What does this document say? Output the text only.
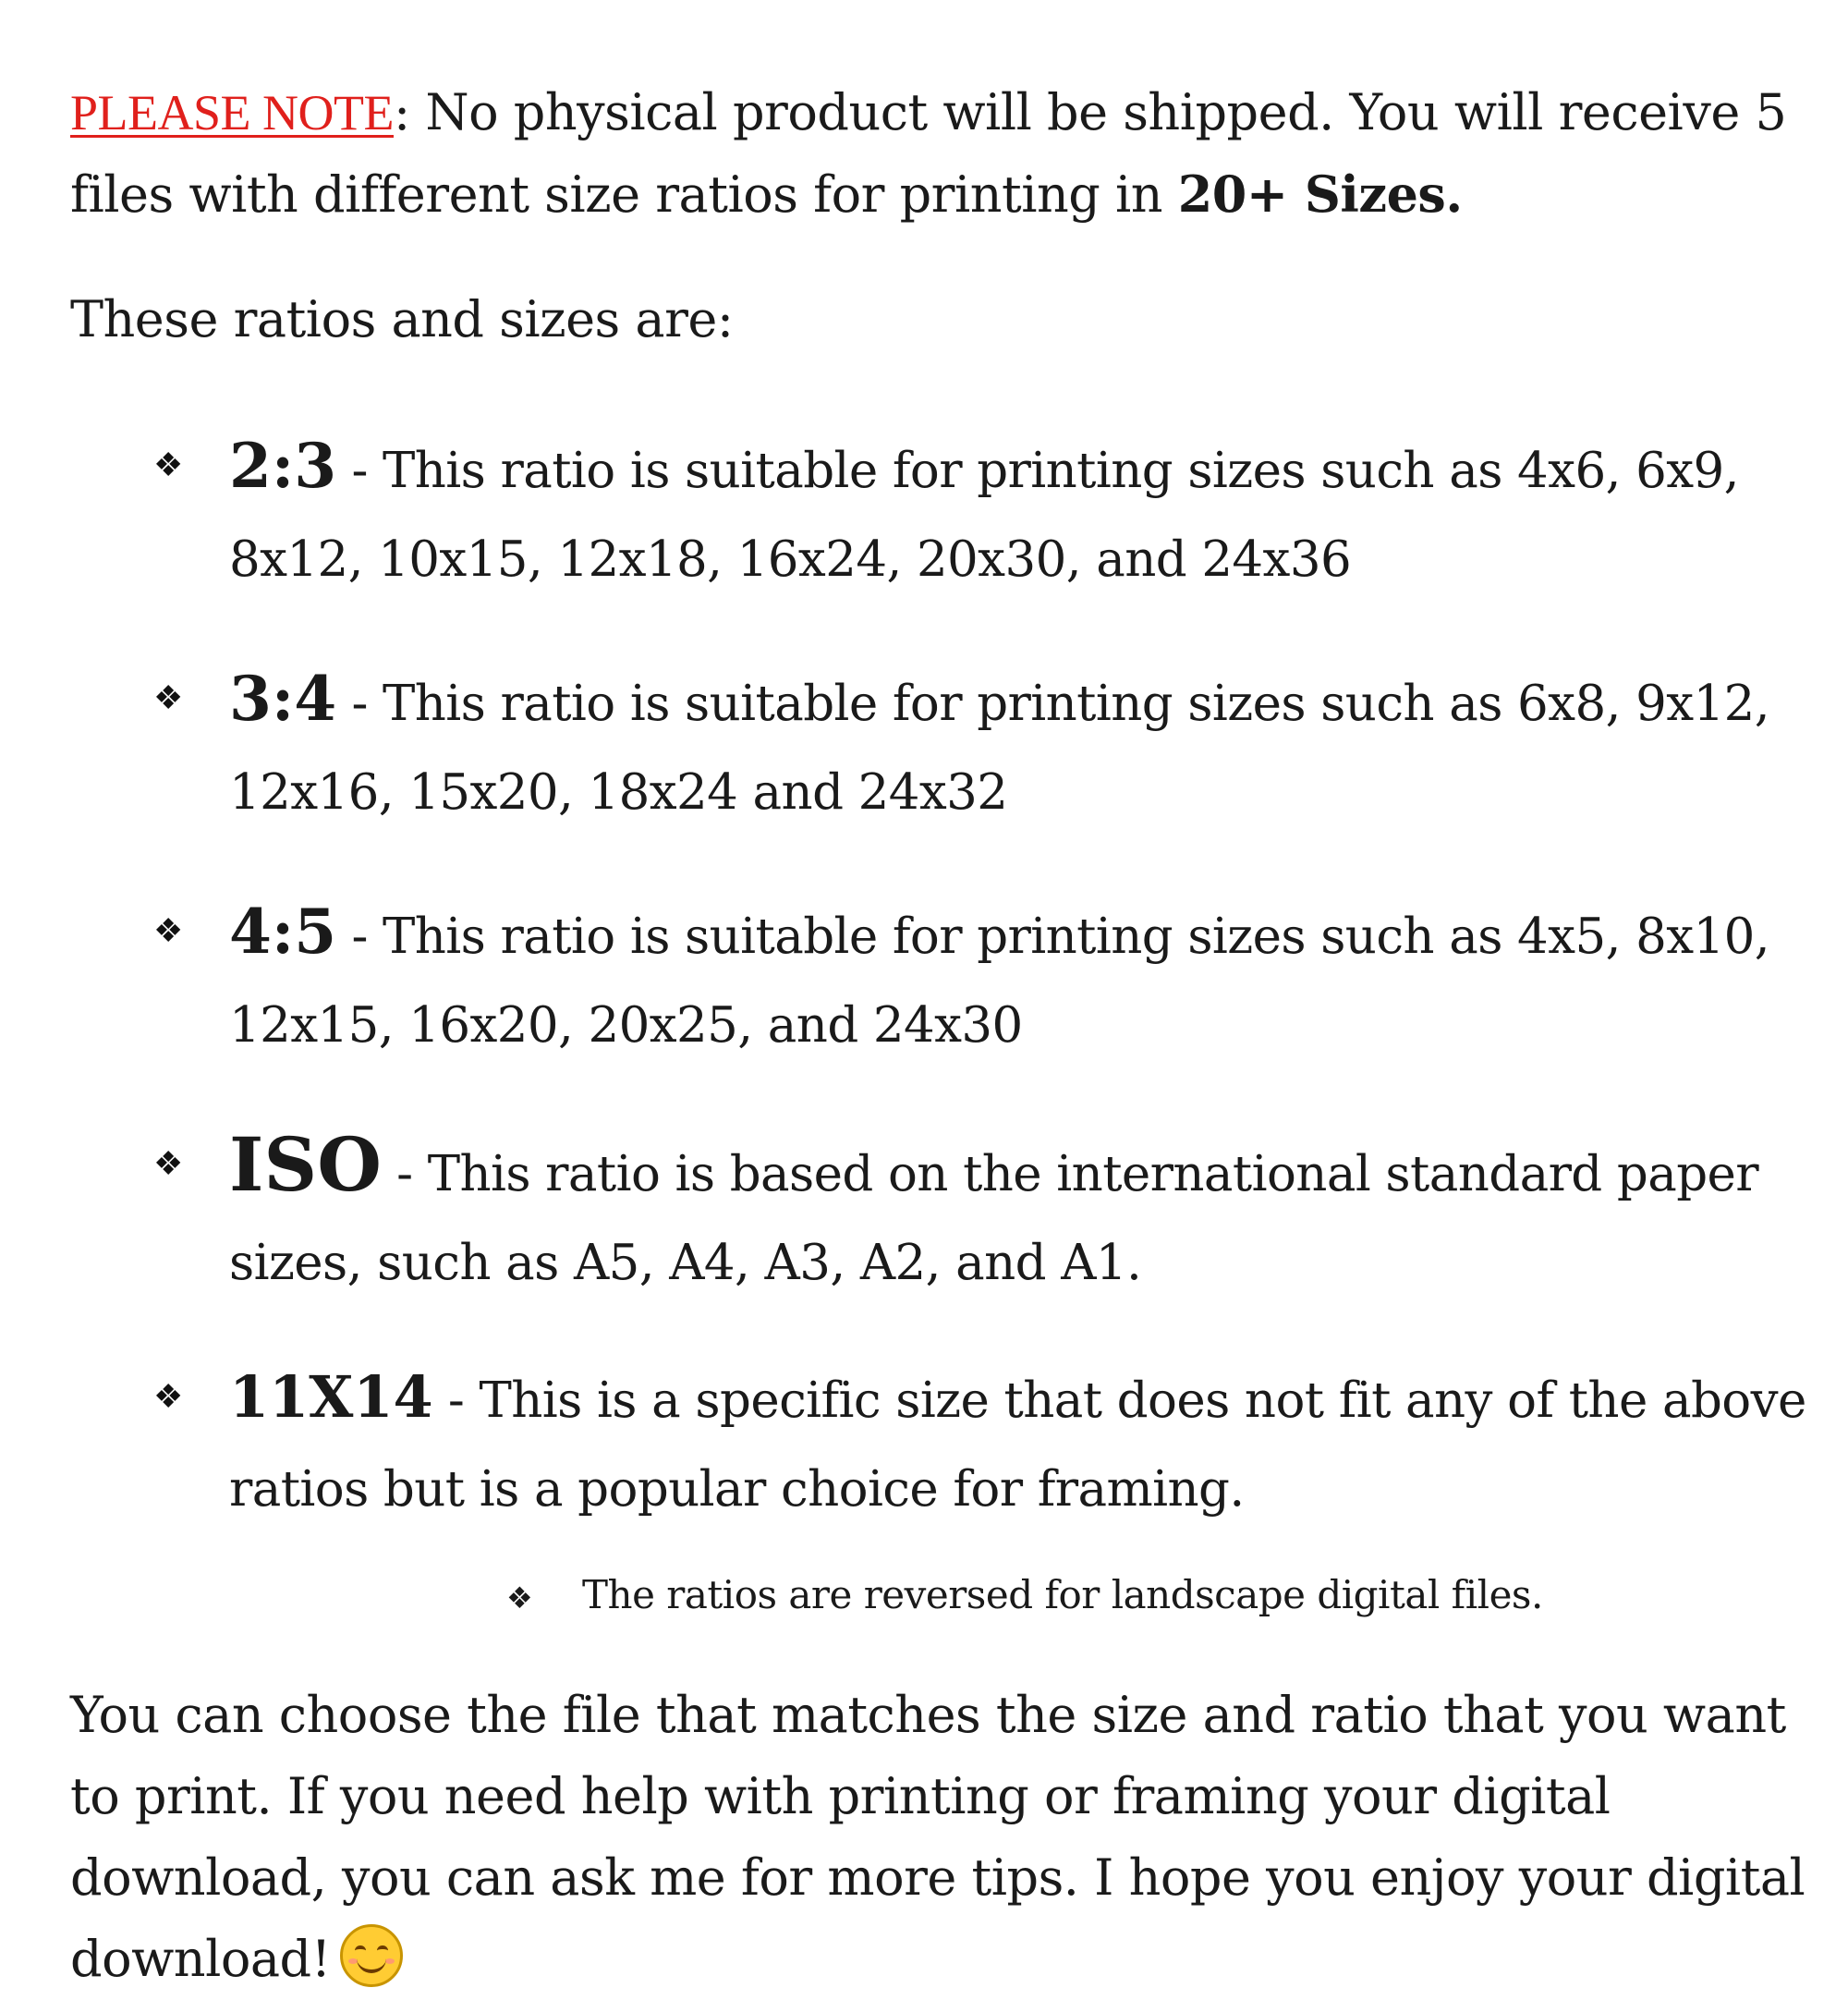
PLEASE NOTE: No physical product will be shipped. You will receive 5 files with different size ratios for printing in 20+ Sizes.
These ratios and sizes are:
❖ 2:3 - This ratio is suitable for printing sizes such as 4x6, 6x9, 8x12, 10x15, 12x18, 16x24, 20x30, and 24x36
❖ 3:4 - This ratio is suitable for printing sizes such as 6x8, 9x12, 12x16, 15x20, 18x24 and 24x32
❖ 4:5 - This ratio is suitable for printing sizes such as 4x5, 8x10, 12x15, 16x20, 20x25, and 24x30
❖ ISO - This ratio is based on the international standard paper sizes, such as A5, A4, A3, A2, and A1.
❖ 11X14 - This is a specific size that does not fit any of the above ratios but is a popular choice for framing.
❖ The ratios are reversed for landscape digital files.
You can choose the file that matches the size and ratio that you want to print. If you need help with printing or framing your digital download, you can ask me for more tips. I hope you enjoy your digital download!
